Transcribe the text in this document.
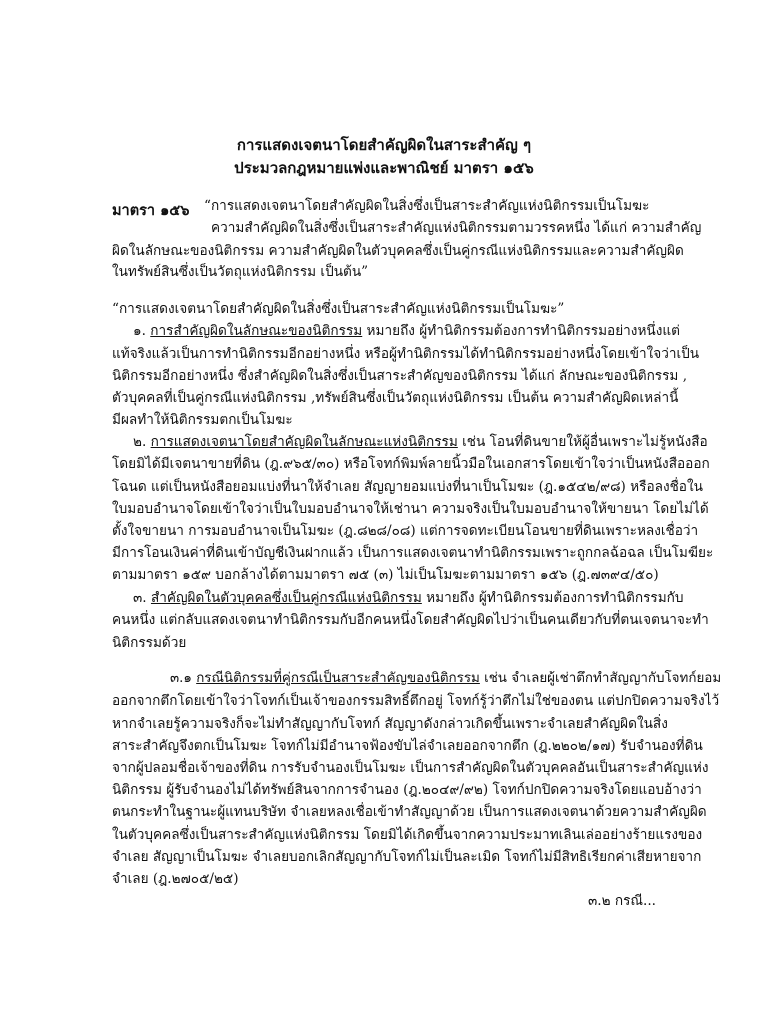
การแสดงเจตนาโดยสำคัญผิดในสาระสำคัญ ๆ
ประมวลกฎหมายแพ่งและพาณิชย์ มาตรา ๑๕๖
มาตรา ๑๕๖ “การแสดงเจตนาโดยสำคัญผิดในสิ่งซึ่งเป็นสาระสำคัญแห่งนิติกรรมเป็นโมฆะ
ความสำคัญผิดในสิ่งซึ่งเป็นสาระสำคัญแห่งนิติกรรมตามวรรคหนึ่ง ได้แก่ ความสำคัญ
ผิดในลักษณะของนิติกรรม ความสำคัญผิดในตัวบุคคลซึ่งเป็นคู่กรณีแห่งนิติกรรมและความสำคัญผิด
ในทรัพย์สินซึ่งเป็นวัตถุแห่งนิติกรรม เป็นต้น”
“การแสดงเจตนาโดยสำคัญผิดในสิ่งซึ่งเป็นสาระสำคัญแห่งนิติกรรมเป็นโมฆะ”
๑. การสำคัญผิดในลักษณะของนิติกรรม หมายถึง ผู้ทำนิติกรรมต้องการทำนิติกรรมอย่างหนึ่งแต่
แท้จริงแล้วเป็นการทำนิติกรรมอีกอย่างหนึ่ง หรือผู้ทำนิติกรรมได้ทำนิติกรรมอย่างหนึ่งโดยเข้าใจว่าเป็น
นิติกรรมอีกอย่างหนึ่ง ซึ่งสำคัญผิดในสิ่งซึ่งเป็นสาระสำคัญของนิติกรรม ได้แก่ ลักษณะของนิติกรรม ,
ตัวบุคคลที่เป็นคู่กรณีแห่งนิติกรรม ,ทรัพย์สินซึ่งเป็นวัตถุแห่งนิติกรรม เป็นต้น ความสำคัญผิดเหล่านี้
มีผลทำให้นิติกรรมตกเป็นโมฆะ
๒. การแสดงเจตนาโดยสำคัญผิดในลักษณะแห่งนิติกรรม เช่น โอนที่ดินขายให้ผู้อื่นเพราะไม่รู้หนังสือ
โดยมิได้มีเจตนาขายที่ดิน (ฎ.๙๖๕/๓๐) หรือโจทก์พิมพ์ลายนิ้วมือในเอกสารโดยเข้าใจว่าเป็นหนังสือออก
โฉนด แต่เป็นหนังสือยอมแบ่งที่นาให้จำเลย สัญญายอมแบ่งที่นาเป็นโมฆะ (ฎ.๑๕๔๒/๙๘) หรือลงชื่อใน
ใบมอบอำนาจโดยเข้าใจว่าเป็นใบมอบอำนาจให้เช่านา ความจริงเป็นใบมอบอำนาจให้ขายนา โดยไม่ได้
ตั้งใจขายนา การมอบอำนาจเป็นโมฆะ (ฎ.๘๒๘/๐๘) แต่การจดทะเบียนโอนขายที่ดินเพราะหลงเชื่อว่า
มีการโอนเงินค่าที่ดินเข้าบัญชีเงินฝากแล้ว เป็นการแสดงเจตนาทำนิติกรรมเพราะถูกกลฉ้อฉล เป็นโมฆียะ
ตามมาตรา ๑๕๙ บอกล้างได้ตามมาตรา ๗๕ (๓) ไม่เป็นโมฆะตามมาตรา ๑๕๖ (ฎ.๗๓๙๔/๕๐)
๓. สำคัญผิดในตัวบุคคลซึ่งเป็นคู่กรณีแห่งนิติกรรม หมายถึง ผู้ทำนิติกรรมต้องการทำนิติกรรมกับ
คนหนึ่ง แต่กลับแสดงเจตนาทำนิติกรรมกับอีกคนหนึ่งโดยสำคัญผิดไปว่าเป็นคนเดียวกับที่ตนเจตนาจะทำ
นิติกรรมด้วย
๓.๑ กรณีนิติกรรมที่คู่กรณีเป็นสาระสำคัญของนิติกรรม เช่น จำเลยผู้เช่าตึกทำสัญญากับโจทก์ยอม
ออกจากตึกโดยเข้าใจว่าโจทก์เป็นเจ้าของกรรมสิทธิ์ตึกอยู่ โจทก์รู้ว่าตึกไม่ใช่ของตน แต่ปกปิดความจริงไว้
หากจำเลยรู้ความจริงก็จะไม่ทำสัญญากับโจทก์ สัญญาดังกล่าวเกิดขึ้นเพราะจำเลยสำคัญผิดในสิ่ง
สาระสำคัญจึงตกเป็นโมฆะ โจทก์ไม่มีอำนาจฟ้องขับไล่จำเลยออกจากตึก (ฎ.๒๒๐๒/๑๗) รับจำนองที่ดิน
จากผู้ปลอมชื่อเจ้าของที่ดิน การรับจำนองเป็นโมฆะ เป็นการสำคัญผิดในตัวบุคคลอันเป็นสาระสำคัญแห่ง
นิติกรรม ผู้รับจำนองไม่ได้ทรัพย์สินจากการจำนอง (ฎ.๒๐๔๙/๙๒) โจทก์ปกปิดความจริงโดยแอบอ้างว่า
ตนกระทำในฐานะผู้แทนบริษัท จำเลยหลงเชื่อเข้าทำสัญญาด้วย เป็นการแสดงเจตนาด้วยความสำคัญผิด
ในตัวบุคคลซึ่งเป็นสาระสำคัญแห่งนิติกรรม โดยมิได้เกิดขึ้นจากความประมาทเลินเล่ออย่างร้ายแรงของ
จำเลย สัญญาเป็นโมฆะ จำเลยบอกเลิกสัญญากับโจทก์ไม่เป็นละเมิด โจทก์ไม่มีสิทธิเรียกค่าเสียหายจาก
จำเลย (ฎ.๒๗๐๕/๒๕)
๓.๒ กรณี...
